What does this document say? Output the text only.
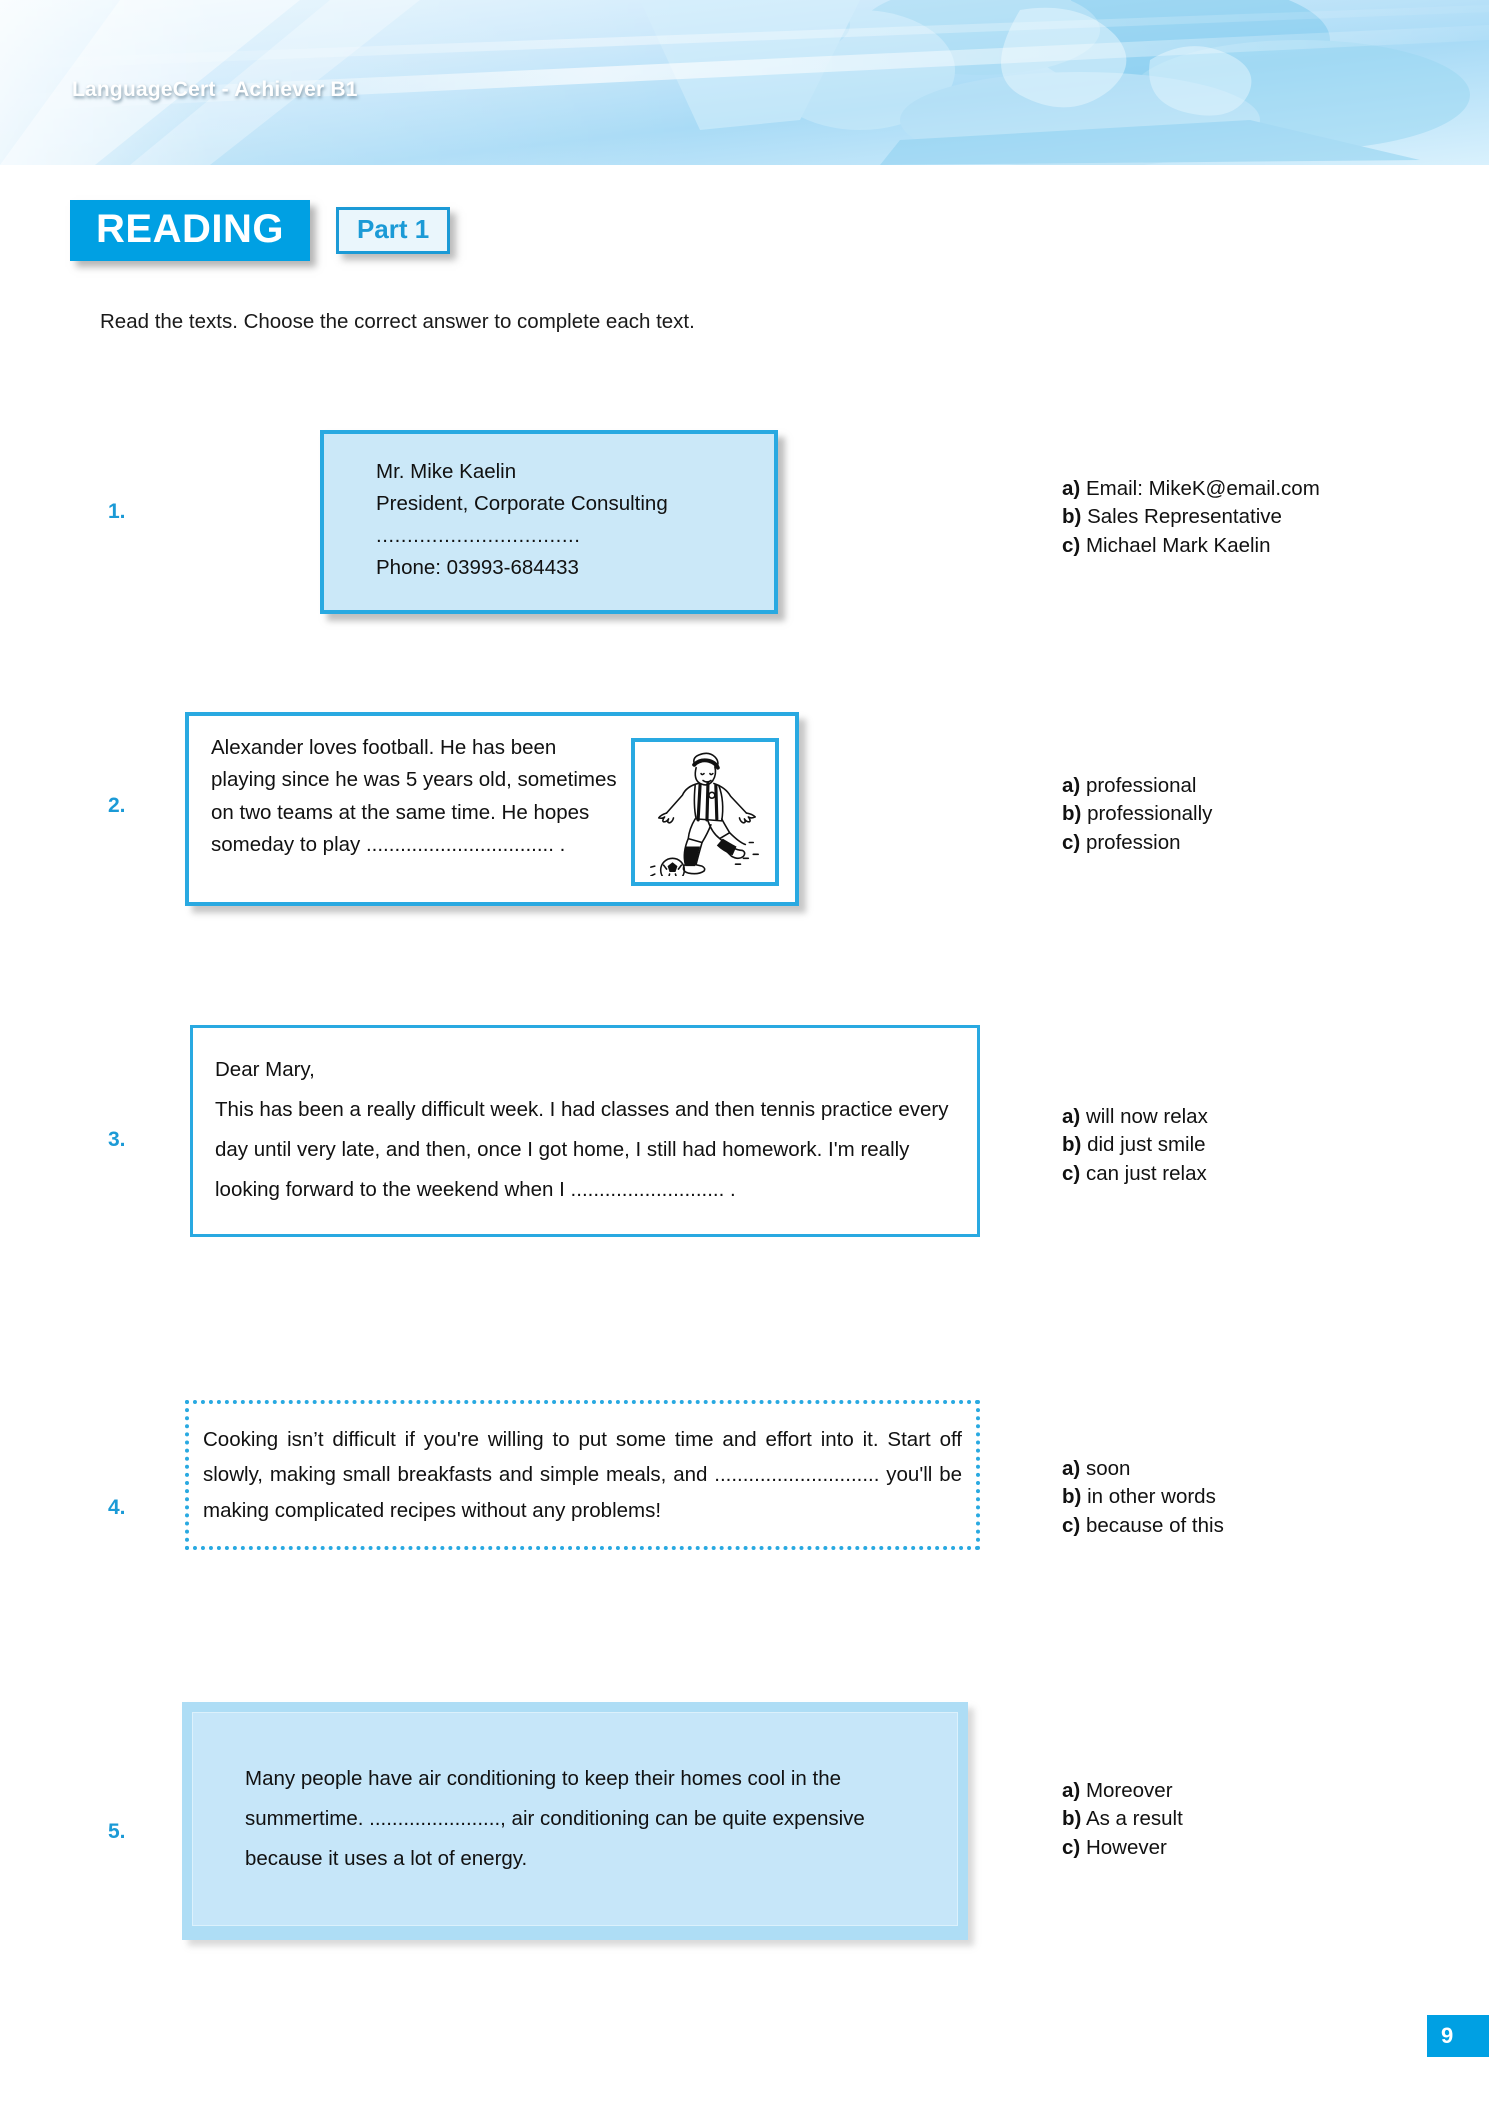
LanguageCert - Achiever B1
READING	Part 1
Read the texts. Choose the correct answer to complete each text.
1.
Mr. Mike Kaelin
President, Corporate Consulting
.................................
Phone: 03993-684433
a) Email: MikeK@email.com
b) Sales Representative
c) Michael Mark Kaelin
2.
Alexander loves football. He has been playing since he was 5 years old, sometimes on two teams at the same time. He hopes someday to play ................................. .
a) professional
b) professionally
c) profession
3.
Dear Mary,
This has been a really difficult week. I had classes and then tennis practice every day until very late, and then, once I got home, I still had homework. I'm really looking forward to the weekend when I ........................... .
a) will now relax
b) did just smile
c) can just relax
4.

Cooking isn’t difficult if you're willing to put some time and effort into it. Start off slowly, making small breakfasts and simple meals, and ............................. you'll be making complicated recipes without any problems!

a) soon
b) in other words
c) because of this
5.
Many people have air conditioning to keep their homes cool in the summertime. ......................., air conditioning can be quite expensive because it uses a lot of energy.
a) Moreover
b) As a result
c) However
9
